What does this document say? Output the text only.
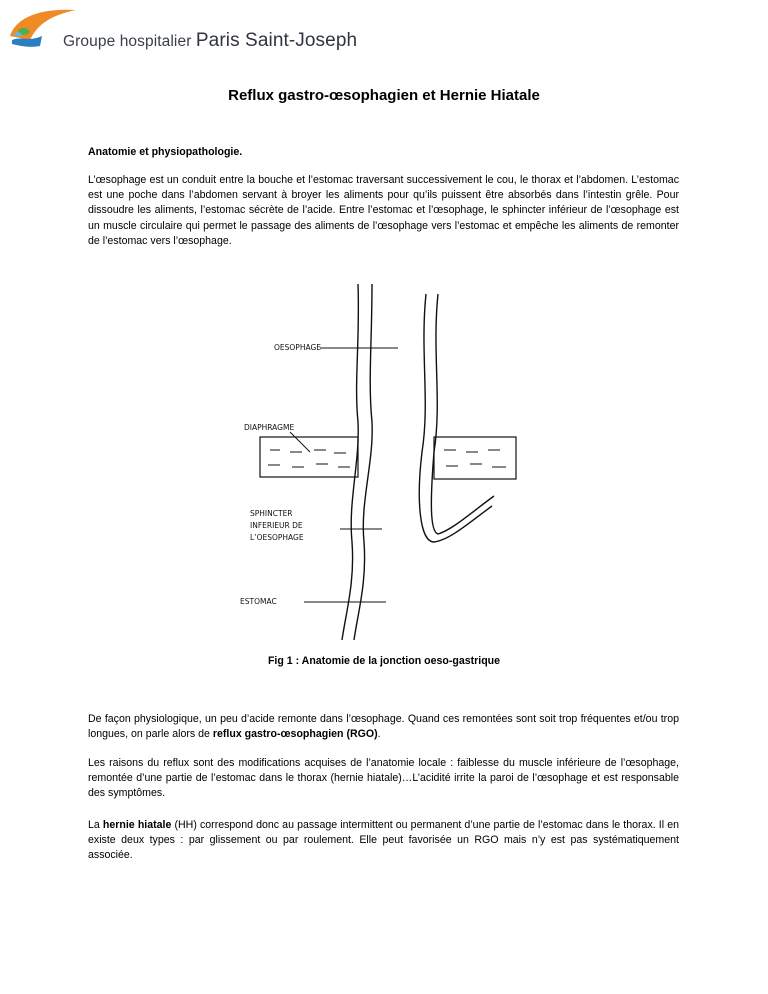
Groupe hospitalier Paris Saint-Joseph
Reflux gastro-œsophagien et Hernie Hiatale
Anatomie et physiopathologie.

L’œsophage est un conduit entre la bouche et l’estomac traversant successivement le cou, le thorax et l’abdomen. L’estomac est une poche dans l’abdomen servant à broyer les aliments pour qu’ils puissent être absorbés dans l’intestin grêle. Pour dissoudre les aliments, l’estomac sécrète de l’acide. Entre l’estomac et l’œsophage, le sphincter inférieur de l’œsophage est un muscle circulaire qui permet le passage des aliments de l’œsophage vers l’estomac et empêche les aliments de remonter de l’estomac vers l’œsophage.

OESOPHAGE
DIAPHRAGME
SPHINCTER
INFERIEUR DE
L’OESOPHAGE
ESTOMAC
Fig 1 : Anatomie de la jonction oeso-gastrique

De façon physiologique, un peu d’acide remonte dans l’œsophage. Quand ces remontées sont soit trop fréquentes et/ou trop longues, on parle alors de reflux gastro-œsophagien (RGO).

Les raisons du reflux sont des modifications acquises de l’anatomie locale : faiblesse du muscle inférieure de l’œsophage, remontée d’une partie de l’estomac dans le thorax (hernie hiatale)…L’acidité irrite la paroi de l’œsophage et est responsable des symptômes.

La hernie hiatale (HH) correspond donc au passage intermittent ou permanent d’une partie de l’estomac dans le thorax. Il en existe deux types : par glissement ou par roulement. Elle peut favorisée un RGO mais n’y est pas systématiquement associée.
